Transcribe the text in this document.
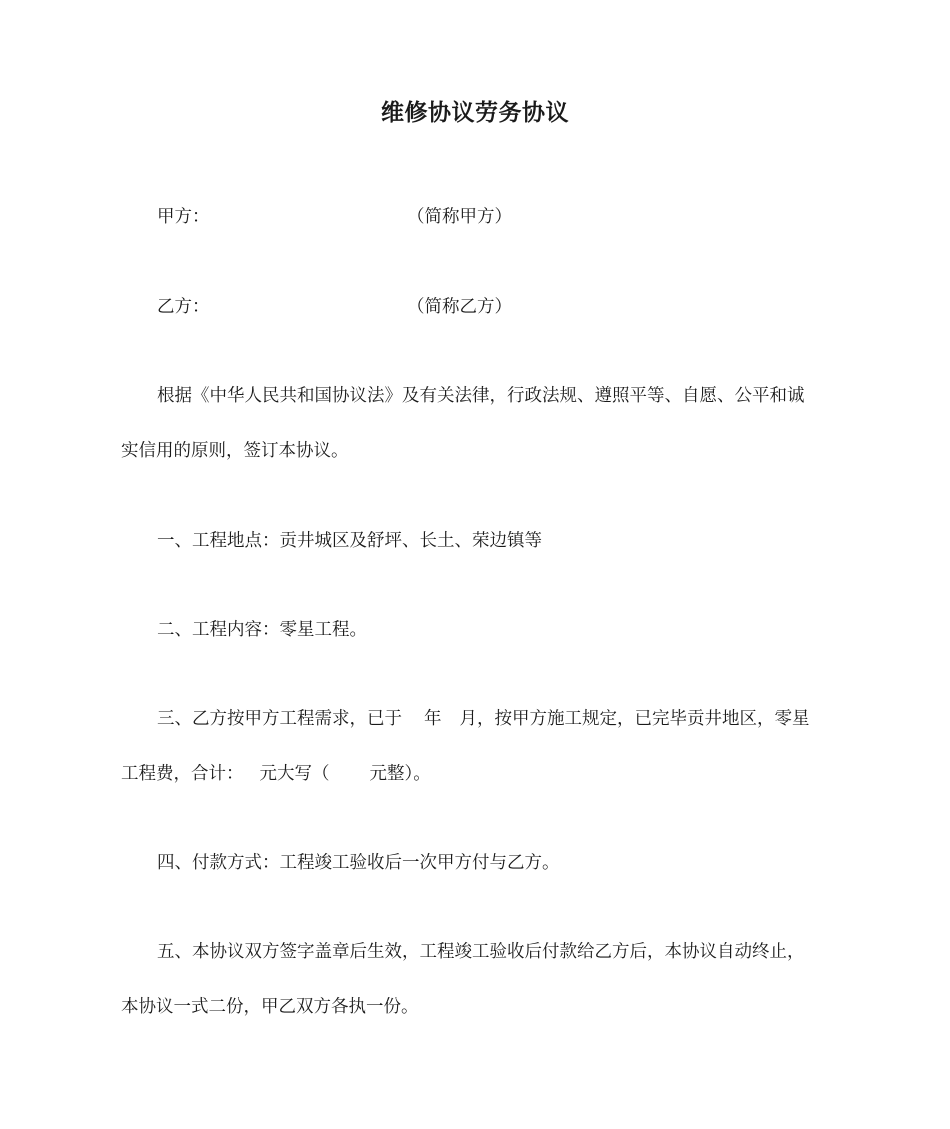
维修协议劳务协议
甲方：	（简称甲方）
乙方：	（简称乙方）
根据《中华人民共和国协议法》及有关法律，行政法规、遵照平等、自愿、公平和诚
实信用的原则，签订本协议。
一、工程地点：贡井城区及舒坪、长土、荣边镇等
二、工程内容：零星工程。
三、乙方按甲方工程需求，已于 年 月，按甲方施工规定，已完毕贡井地区，零星
工程费，合计： 元大写（ 元整）。
四、付款方式：工程竣工验收后一次甲方付与乙方。
五、本协议双方签字盖章后生效，工程竣工验收后付款给乙方后，本协议自动终止，
本协议一式二份，甲乙双方各执一份。
